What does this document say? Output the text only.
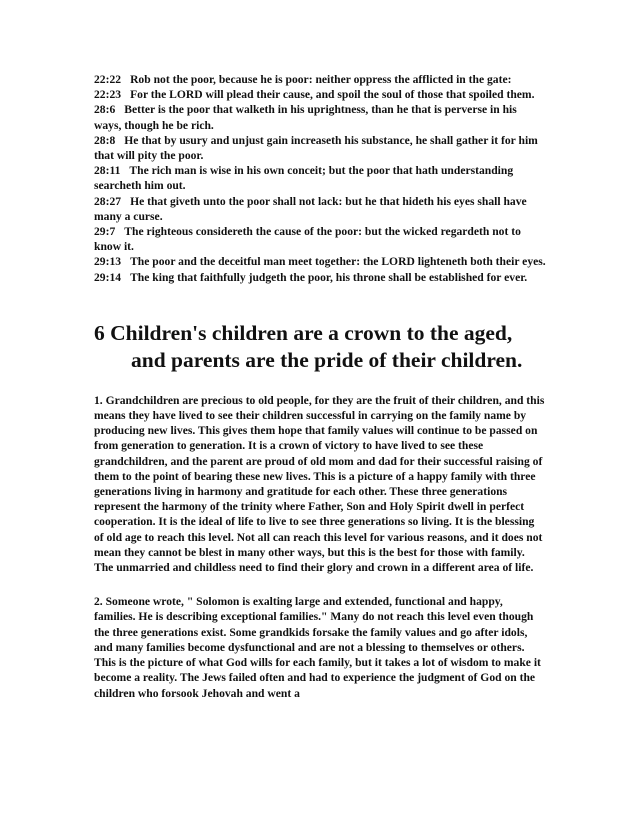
22:22 Rob not the poor, because he is poor: neither oppress the afflicted in the gate:

22:23 For the LORD will plead their cause, and spoil the soul of those that spoiled them.

28:6 Better is the poor that walketh in his uprightness, than he that is perverse in his ways, though he be rich.

28:8 He that by usury and unjust gain increaseth his substance, he shall gather it for him that will pity the poor.

28:11 The rich man is wise in his own conceit; but the poor that hath understanding searcheth him out.

28:27 He that giveth unto the poor shall not lack: but he that hideth his eyes shall have many a curse.

29:7 The righteous considereth the cause of the poor: but the wicked regardeth not to know it.

29:13 The poor and the deceitful man meet together: the LORD lighteneth both their eyes.

29:14 The king that faithfully judgeth the poor, his throne shall be established for ever.

6 Children's children are a crown to the aged,
and parents are the pride of their children.

1. Grandchildren are precious to old people, for they are the fruit of their children, and this means they have lived to see their children successful in carrying on the family name by producing new lives. This gives them hope that family values will continue to be passed on from generation to generation. It is a crown of victory to have lived to see these grandchildren, and the parent are proud of old mom and dad for their successful raising of them to the point of bearing these new lives. This is a picture of a happy family with three generations living in harmony and gratitude for each other. These three generations represent the harmony of the trinity where Father, Son and Holy Spirit dwell in perfect cooperation. It is the ideal of life to live to see three generations so living. It is the blessing of old age to reach this level. Not all can reach this level for various reasons, and it does not mean they cannot be blest in many other ways, but this is the best for those with family. The unmarried and childless need to find their glory and crown in a different area of life.

2. Someone wrote, " Solomon is exalting large and extended, functional and happy, families. He is describing exceptional families." Many do not reach this level even though the three generations exist. Some grandkids forsake the family values and go after idols, and many families become dysfunctional and are not a blessing to themselves or others. This is the picture of what God wills for each family, but it takes a lot of wisdom to make it become a reality. The Jews failed often and had to experience the judgment of God on the children who forsook Jehovah and went a
